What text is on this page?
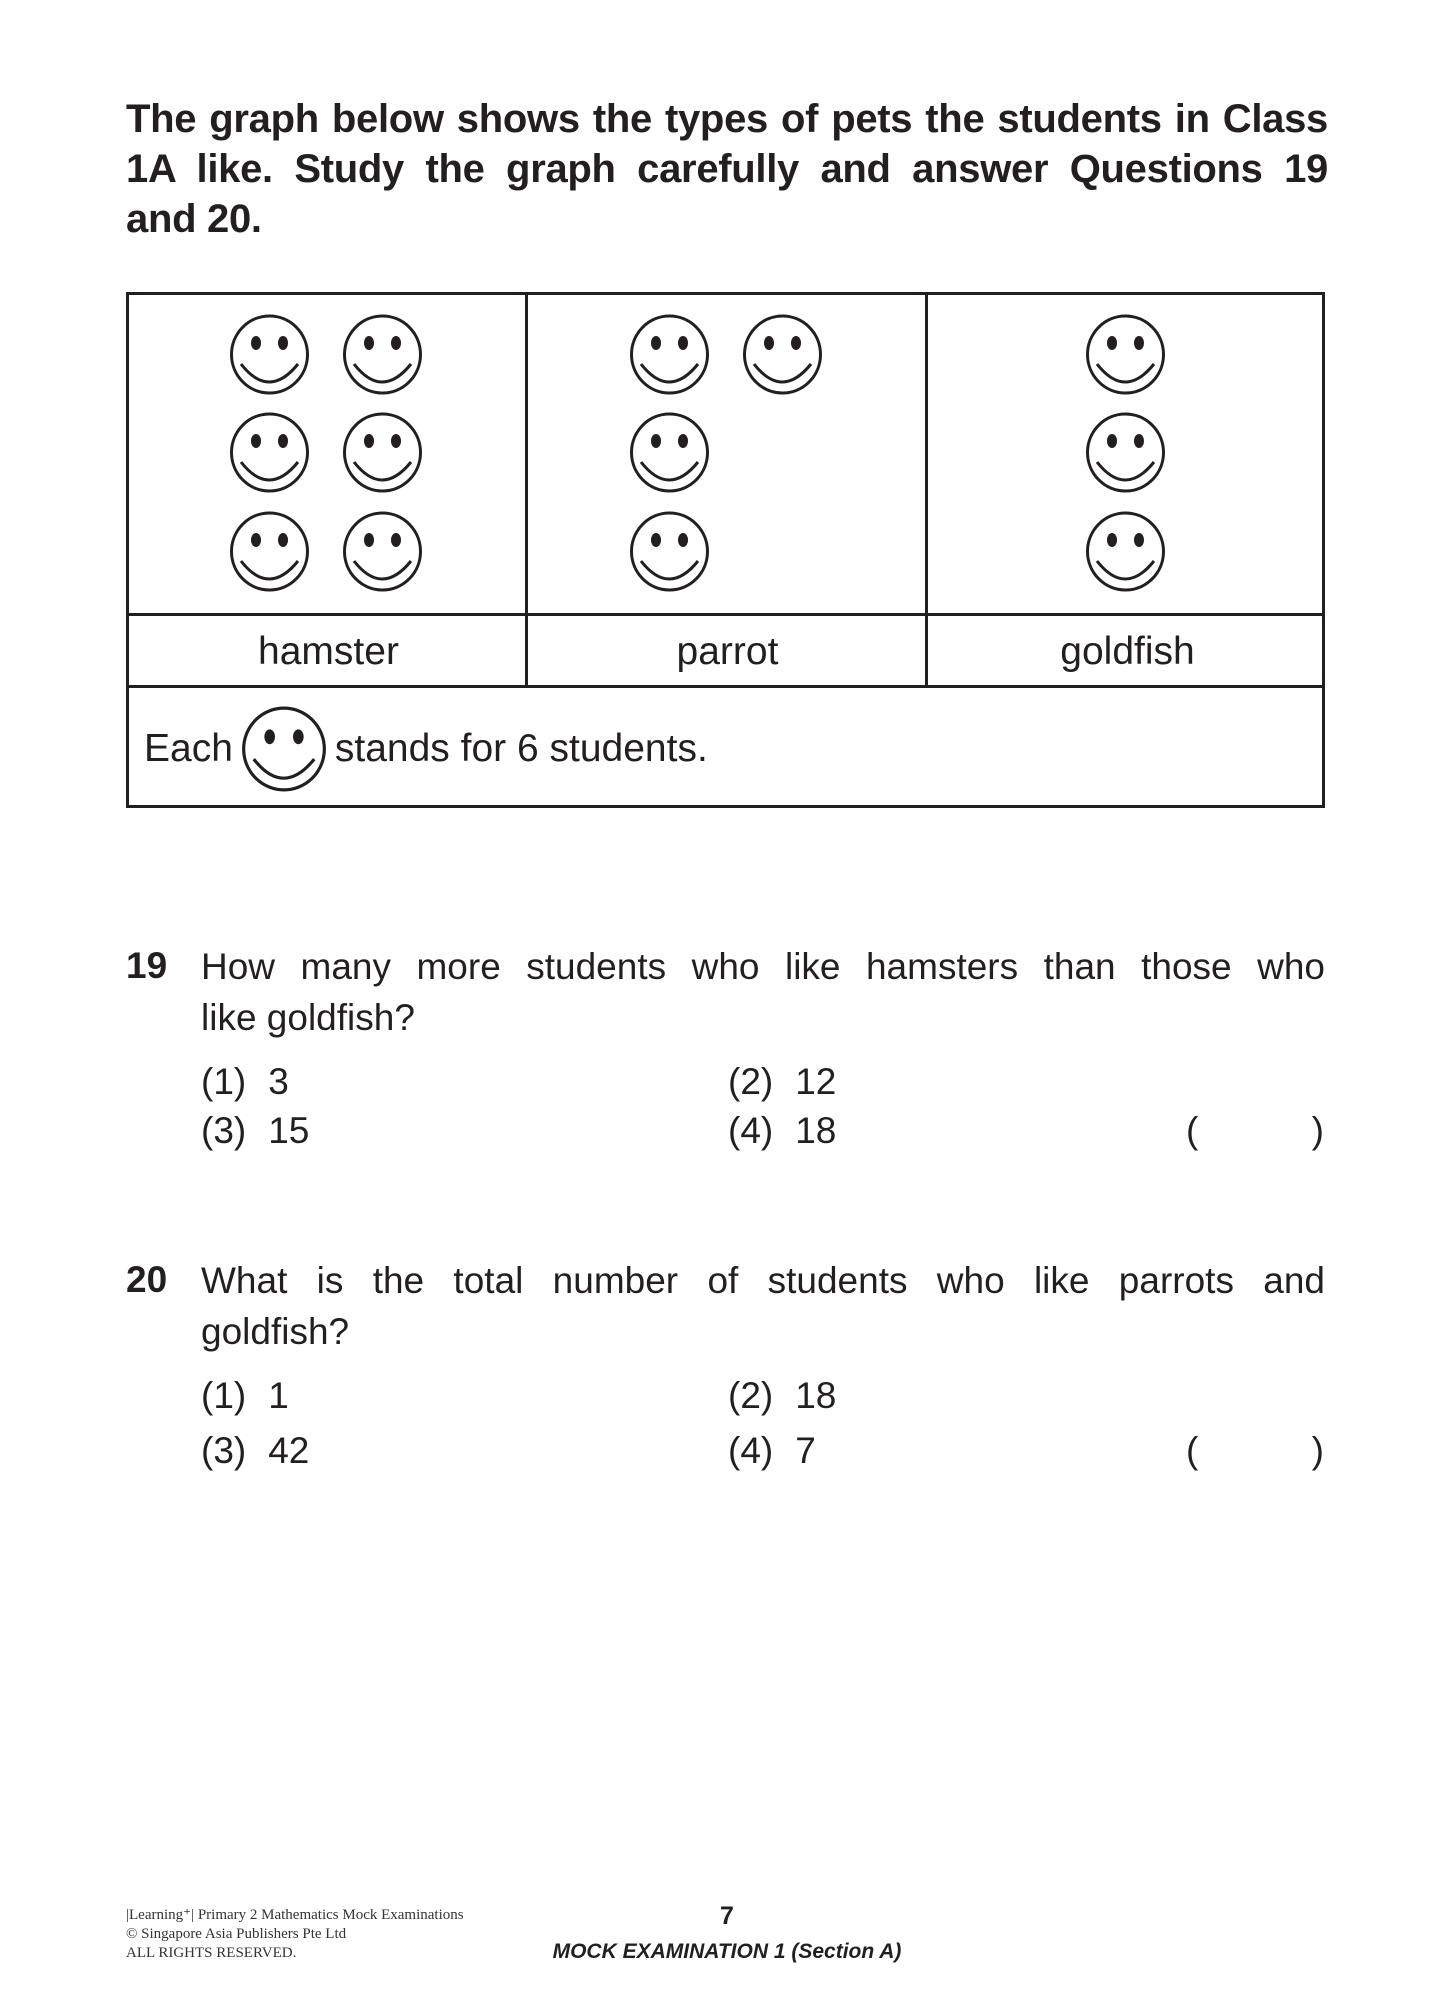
The graph below shows the types of pets the students in Class
1A like. Study the graph carefully and answer Questions 19
and 20.
hamster	parrot	goldfish
Each	stands for 6 students.
19 How many more students who like hamsters than those who
like goldfish?
(1) 3	(2) 12
(3) 15	(4) 18	(	)
20 What is the total number of students who like parrots and
goldfish?
(1) 1	(2) 18
(3) 42	(4) 7	(	)
|Learning⁺| Primary 2 Mathematics Mock Examinations
© Singapore Asia Publishers Pte Ltd
ALL RIGHTS RESERVED.
7
MOCK EXAMINATION 1 (Section A)
